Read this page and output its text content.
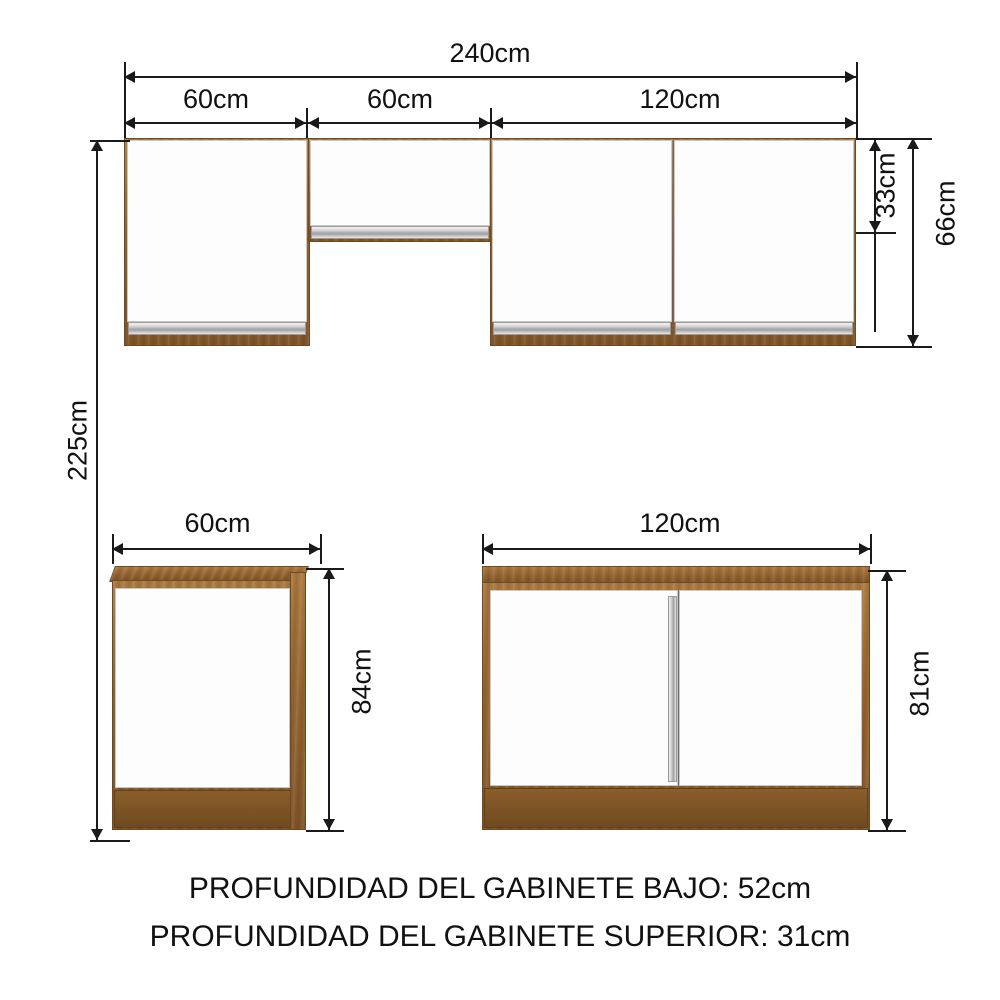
240cm
60cm	60cm	120cm
33cm 66cm
225cm
60cm
84cm
120cm
81cm
PROFUNDIDAD DEL GABINETE BAJO: 52cm
PROFUNDIDAD DEL GABINETE SUPERIOR: 31cm
